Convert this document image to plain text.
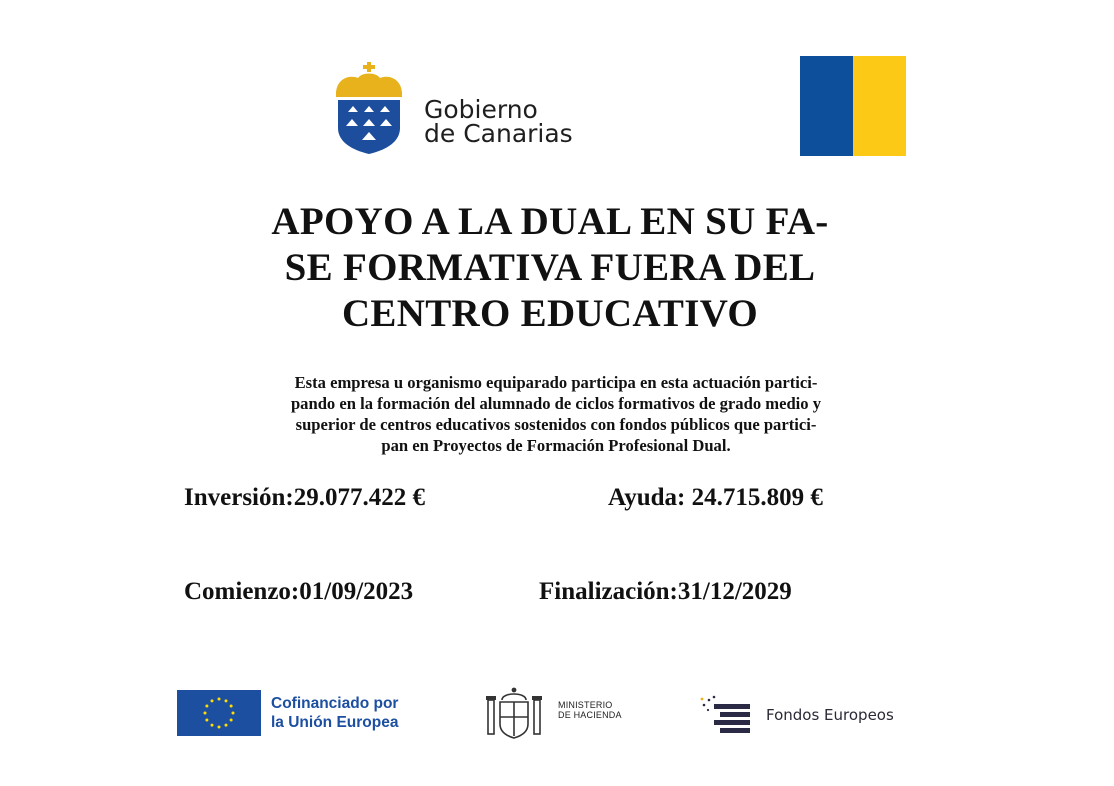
Gobierno
de Canarias
APOYO A LA DUAL EN SU FA-
SE FORMATIVA FUERA DEL
CENTRO EDUCATIVO
Esta empresa u organismo equiparado participa en esta actuación partici-
pando en la formación del alumnado de ciclos formativos de grado medio y
superior de centros educativos sostenidos con fondos públicos que partici-
pan en Proyectos de Formación Profesional Dual.
Inversión:29.077.422 €	Ayuda: 24.715.809 €
Comienzo:01/09/2023	Finalización:31/12/2029
Cofinanciado por
la Unión Europea
MINISTERIO
DE HACIENDA	Fondos Europeos
